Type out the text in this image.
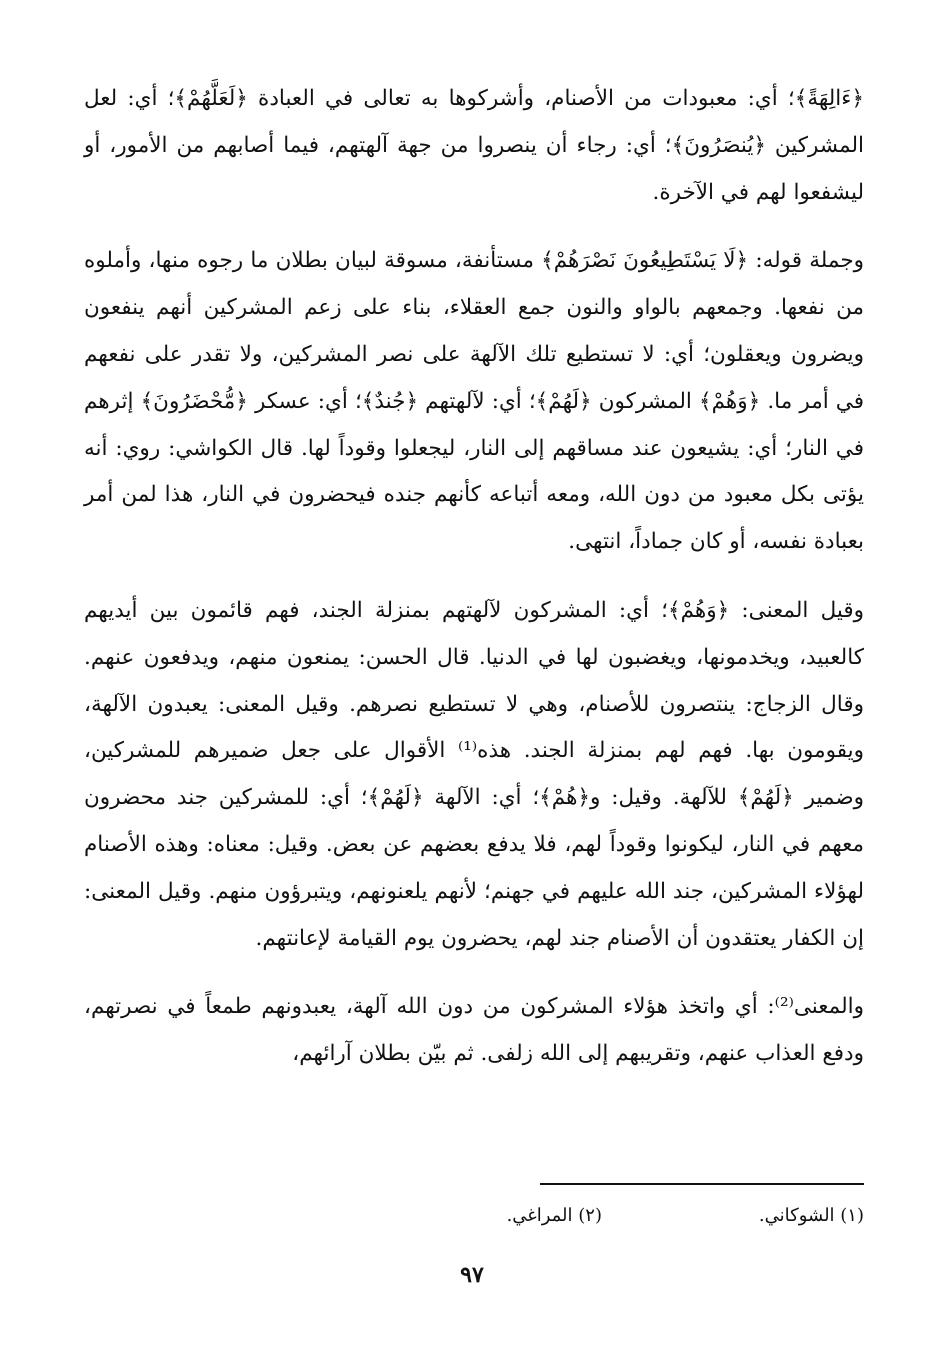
﴿ءَالِهَةً﴾؛ أي: معبودات من الأصنام، وأشركوها به تعالى في العبادة ﴿لَعَلَّهُمْ﴾؛ أي: لعل المشركين ﴿يُنصَرُونَ﴾؛ أي: رجاء أن ينصروا من جهة آلهتهم، فيما أصابهم من الأمور، أو ليشفعوا لهم في الآخرة.

وجملة قوله: ﴿لَا يَسْتَطِيعُونَ نَصْرَهُمْ﴾ مستأنفة، مسوقة لبيان بطلان ما رجوه منها، وأملوه من نفعها. وجمعهم بالواو والنون جمع العقلاء، بناء على زعم المشركين أنهم ينفعون ويضرون ويعقلون؛ أي: لا تستطيع تلك الآلهة على نصر المشركين، ولا تقدر على نفعهم في أمر ما. ﴿وَهُمْ﴾ المشركون ﴿لَهُمْ﴾؛ أي: لآلهتهم ﴿جُندٌ﴾؛ أي: عسكر ﴿مُّحْضَرُونَ﴾ إثرهم في النار؛ أي: يشيعون عند مساقهم إلى النار، ليجعلوا وقوداً لها. قال الكواشي: روي: أنه يؤتى بكل معبود من دون الله، ومعه أتباعه كأنهم جنده فيحضرون في النار، هذا لمن أمر بعبادة نفسه، أو كان جماداً، انتهى.

وقيل المعنى: ﴿وَهُمْ﴾؛ أي: المشركون لآلهتهم بمنزلة الجند، فهم قائمون بين أيديهم كالعبيد، ويخدمونها، ويغضبون لها في الدنيا. قال الحسن: يمنعون منهم، ويدفعون عنهم. وقال الزجاج: ينتصرون للأصنام، وهي لا تستطيع نصرهم. وقيل المعنى: يعبدون الآلهة، ويقومون بها. فهم لهم بمنزلة الجند. هذه⁽¹⁾ الأقوال على جعل ضميرهم للمشركين، وضمير ﴿لَهُمْ﴾ للآلهة. وقيل: و﴿هُمْ﴾؛ أي: الآلهة ﴿لَهُمْ﴾؛ أي: للمشركين جند محضرون معهم في النار، ليكونوا وقوداً لهم، فلا يدفع بعضهم عن بعض. وقيل: معناه: وهذه الأصنام لهؤلاء المشركين، جند الله عليهم في جهنم؛ لأنهم يلعنونهم، ويتبرؤون منهم. وقيل المعنى: إن الكفار يعتقدون أن الأصنام جند لهم، يحضرون يوم القيامة لإعانتهم.

والمعنى⁽²⁾: أي واتخذ هؤلاء المشركون من دون الله آلهة، يعبدونهم طمعاً في نصرتهم، ودفع العذاب عنهم، وتقريبهم إلى الله زلفى. ثم بيّن بطلان آرائهم،

(١) الشوكاني.
(٢) المراغي.
٩٧
